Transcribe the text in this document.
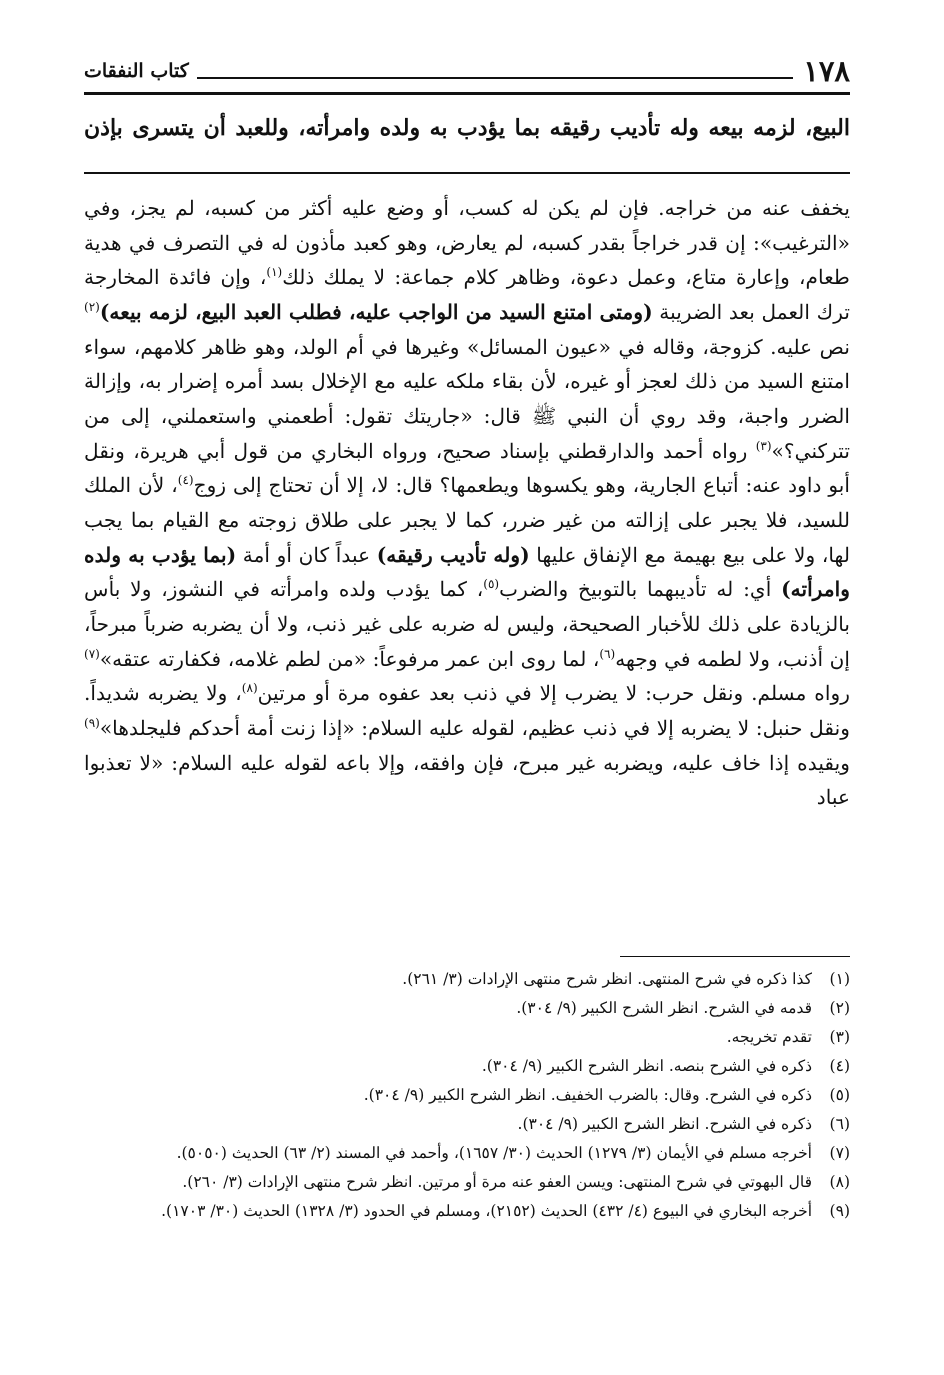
١٧٨
كتاب النفقات
البيع، لزمه بيعه وله تأديب رقيقه بما يؤدب به ولده وامرأته، وللعبد أن يتسرى بإذن

يخفف عنه من خراجه. فإن لم يكن له كسب، أو وضع عليه أكثر من كسبه، لم يجز، وفي «الترغيب»: إن قدر خراجاً بقدر كسبه، لم يعارض، وهو كعبد مأذون له في التصرف في هدية طعام، وإعارة متاع، وعمل دعوة، وظاهر كلام جماعة: لا يملك ذلك$^{(١)}$، وإن فائدة المخارجة ترك العمل بعد الضريبة (ومتى امتنع السيد من الواجب عليه، فطلب العبد البيع، لزمه بيعه)$^{(٢)}$ نص عليه. كزوجة، وقاله في «عيون المسائل» وغيرها في أم الولد، وهو ظاهر كلامهم، سواء امتنع السيد من ذلك لعجز أو غيره، لأن بقاء ملكه عليه مع الإخلال بسد أمره إضرار به، وإزالة الضرر واجبة، وقد روي أن النبي ﷺ قال: «جاريتك تقول: أطعمني واستعملني، إلى من تتركني؟»$^{(٣)}$ رواه أحمد والدارقطني بإسناد صحيح، ورواه البخاري من قول أبي هريرة، ونقل أبو داود عنه: أتباع الجارية، وهو يكسوها ويطعمها؟ قال: لا، إلا أن تحتاج إلى زوج$^{(٤)}$، لأن الملك للسيد، فلا يجبر على إزالته من غير ضرر، كما لا يجبر على طلاق زوجته مع القيام بما يجب لها، ولا على بيع بهيمة مع الإنفاق عليها (وله تأديب رقيقه) عبداً كان أو أمة (بما يؤدب به ولده وامرأته) أي: له تأديبهما بالتوبيخ والضرب$^{(٥)}$، كما يؤدب ولده وامرأته في النشوز، ولا بأس بالزيادة على ذلك للأخبار الصحيحة، وليس له ضربه على غير ذنب، ولا أن يضربه ضرباً مبرحاً، إن أذنب، ولا لطمه في وجهه$^{(٦)}$، لما روى ابن عمر مرفوعاً: «من لطم غلامه، فكفارته عتقه»$^{(٧)}$ رواه مسلم. ونقل حرب: لا يضرب إلا في ذنب بعد عفوه مرة أو مرتين$^{(٨)}$، ولا يضربه شديداً. ونقل حنبل: لا يضربه إلا في ذنب عظيم، لقوله عليه السلام: «إذا زنت أمة أحدكم فليجلدها»$^{(٩)}$ ويقيده إذا خاف عليه، ويضربه غير مبرح، فإن وافقه، وإلا باعه لقوله عليه السلام: «لا تعذبوا عباد

(١)
كذا ذكره في شرح المنتهى. انظر شرح منتهى الإرادات (٣/ ٢٦١).
(٢)
قدمه في الشرح. انظر الشرح الكبير (٩/ ٣٠٤).
(٣)
تقدم تخريجه.
(٤)
ذكره في الشرح بنصه. انظر الشرح الكبير (٩/ ٣٠٤).
(٥)
ذكره في الشرح. وقال: بالضرب الخفيف. انظر الشرح الكبير (٩/ ٣٠٤).
(٦)
ذكره في الشرح. انظر الشرح الكبير (٩/ ٣٠٤).
(٧)
أخرجه مسلم في الأيمان (٣/ ١٢٧٩) الحديث (٣٠/ ١٦٥٧)، وأحمد في المسند (٢/ ٦٣) الحديث (٥٠٥٠).
(٨)
قال البهوتي في شرح المنتهى: ويسن العفو عنه مرة أو مرتين. انظر شرح منتهى الإرادات (٣/ ٢٦٠).
(٩)
أخرجه البخاري في البيوع (٤/ ٤٣٢) الحديث (٢١٥٢)، ومسلم في الحدود (٣/ ١٣٢٨) الحديث (٣٠/ ١٧٠٣).
